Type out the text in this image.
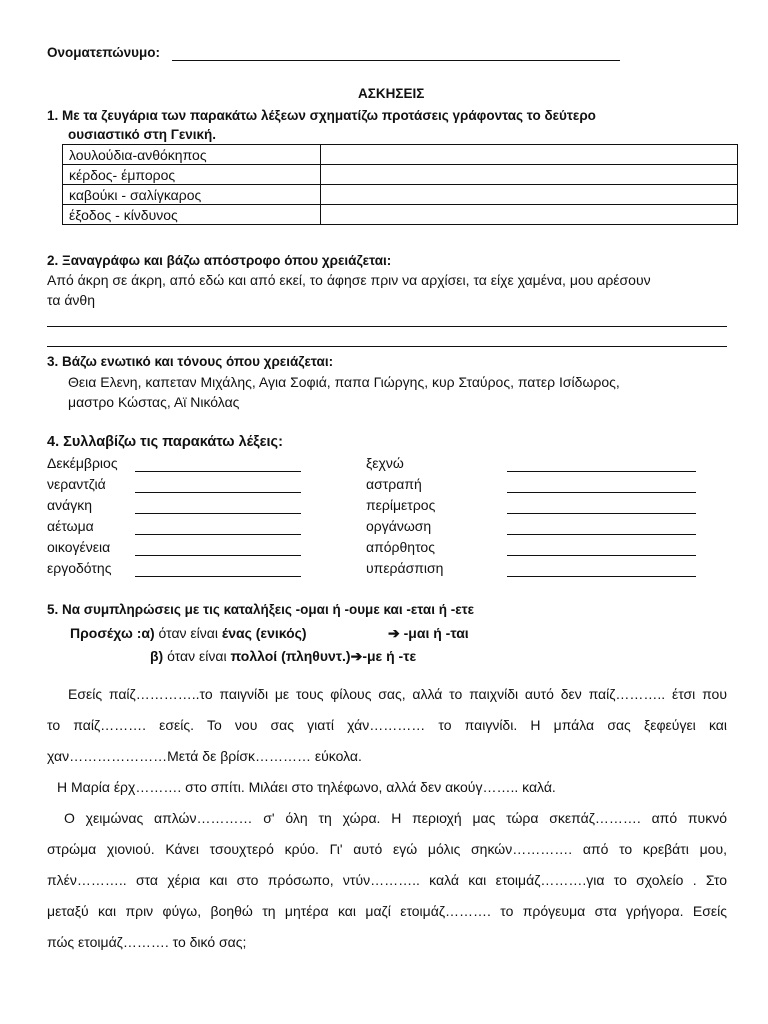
Ονοματεπώνυμο:
ΑΣΚΗΣΕΙΣ
1. Με τα ζευγάρια των παρακάτω λέξεων σχηματίζω προτάσεις γράφοντας το δεύτερο
ουσιαστικό στη Γενική.
λουλούδια-ανθόκηπος	
κέρδος- έμπορος	
καβούκι - σαλίγκαρος	
έξοδος - κίνδυνος	
2. Ξαναγράφω και βάζω απόστροφο όπου χρειάζεται:
Από άκρη σε άκρη, από εδώ και από εκεί, το άφησε πριν να αρχίσει, τα είχε χαμένα, μου αρέσουν
τα άνθη
3. Βάζω ενωτικό και τόνους όπου χρειάζεται:
Θεια Ελενη, καπεταν Μιχάλης, Αγια Σοφιά, παπα Γιώργης, κυρ Σταύρος, πατερ Ισίδωρος,
μαστρο Κώστας, Αϊ Νικόλας
4. Συλλαβίζω τις παρακάτω λέξεις:
Δεκέμβριος
νεραντζιά
ανάγκη
αέτωμα
οικογένεια
εργοδότης
ξεχνώ
αστραπή
περίμετρος
οργάνωση
απόρθητος
υπεράσπιση
5. Να συμπληρώσεις με τις καταλήξεις -ομαι ή -ουμε και -εται ή -ετε
Προσέχω :α) όταν είναι ένας (ενικός)	➔ -μαι ή -ται
β) όταν είναι πολλοί (πληθυντ.)➔-με ή -τε

Εσείς παίζ…………..το παιγνίδι με τους φίλους σας, αλλά το παιχνίδι αυτό δεν παίζ……….. έτσι που

το παίζ………. εσείς. Το νου σας γιατί χάν………… το παιγνίδι. Η μπάλα σας ξεφεύγει και

χαν…………………Μετά δε βρίσκ………… εύκολα.

Η Μαρία έρχ………. στο σπίτι. Μιλάει στο τηλέφωνο, αλλά δεν ακούγ…….. καλά.

Ο χειμώνας απλών………… σ' όλη τη χώρα. Η περιοχή μας τώρα σκεπάζ………. από πυκνό

στρώμα χιονιού. Κάνει τσουχτερό κρύο. Γι' αυτό εγώ μόλις σηκών…………. από το κρεβάτι μου,

πλέν……….. στα χέρια και στο πρόσωπο, ντύν……….. καλά και ετοιμάζ……….για το σχολείο . Στο

μεταξύ και πριν φύγω, βοηθώ τη μητέρα και μαζί ετοιμάζ………. το πρόγευμα στα γρήγορα. Εσείς

πώς ετοιμάζ………. το δικό σας;
